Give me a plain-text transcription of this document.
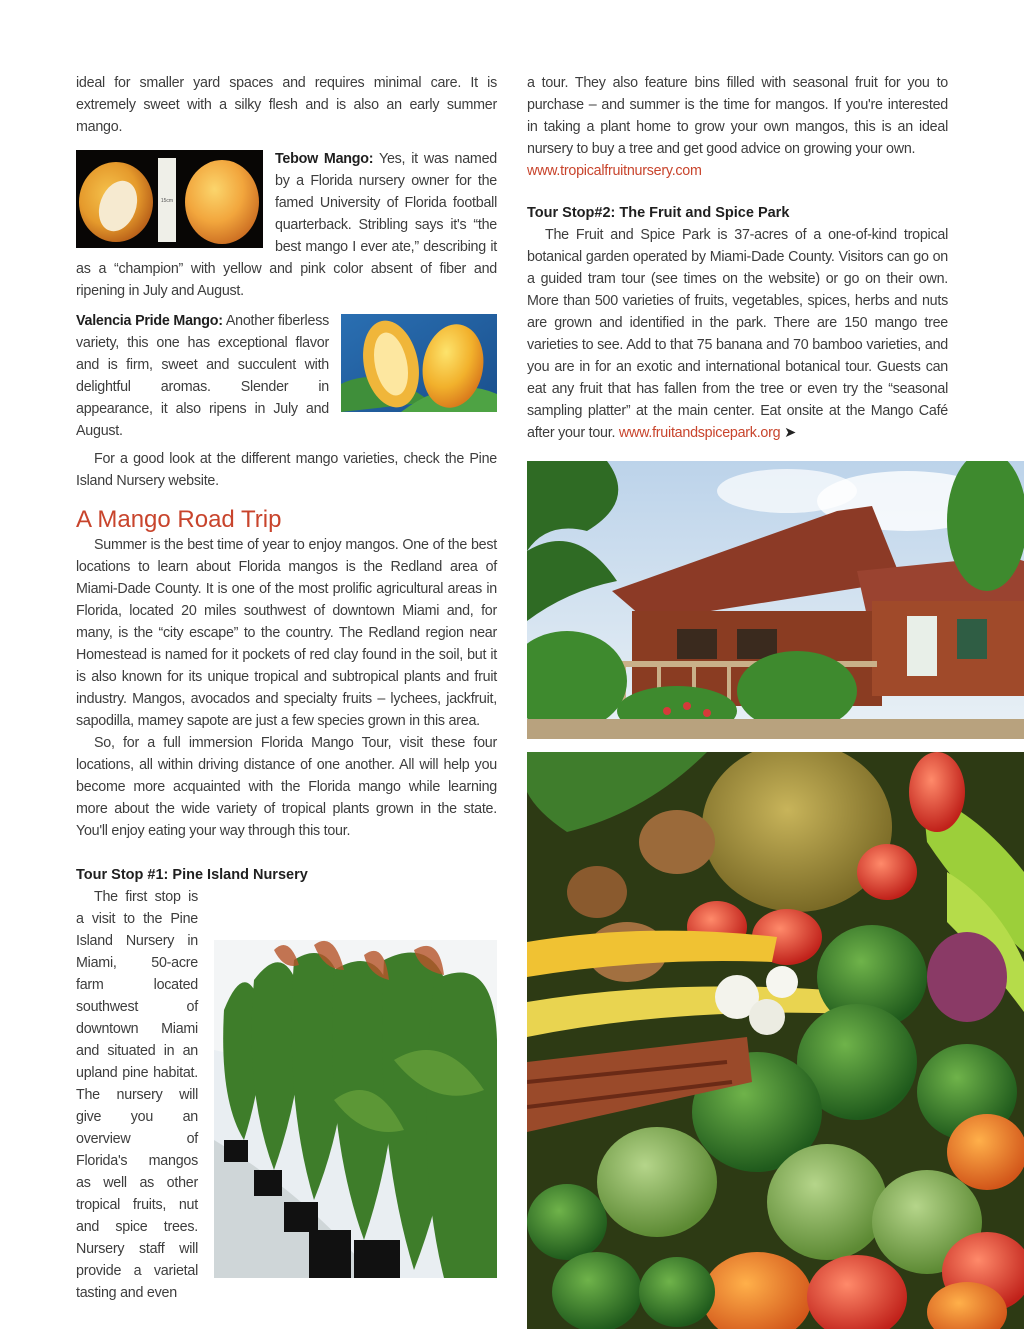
ideal for smaller yard spaces and requires minimal care. It is extremely sweet with a silky flesh and is also an early summer mango.

15cm

Tebow Mango: Yes, it was named by a Florida nursery owner for the famed University of Florida football quarterback. Stribling says it's “the best mango I ever ate,” describing it as a “champion” with yellow and pink color absent of fiber and ripening in July and August.

Valencia Pride Mango: Another fiberless variety, this one has exceptional flavor and is firm, sweet and succulent with delightful aromas. Slender in appearance, it also ripens in July and August.

For a good look at the different mango varieties, check the Pine Island Nursery website.

A Mango Road Trip

Summer is the best time of year to enjoy mangos. One of the best locations to learn about Florida mangos is the Redland area of Miami-Dade County. It is one of the most prolific agricultural areas in Florida, located 20 miles southwest of downtown Miami and, for many, is the “city escape” to the country. The Redland region near Homestead is named for it pockets of red clay found in the soil, but it is also known for its unique tropical and subtropical plants and fruit industry. Mangos, avocados and specialty fruits – lychees, jackfruit, sapodilla, mamey sapote are just a few species grown in this area.

So, for a full immersion Florida Mango Tour, visit these four locations, all within driving distance of one another. All will help you become more acquainted with the Florida mango while learning more about the wide variety of tropical plants grown in the state. You'll enjoy eating your way through this tour.

Tour Stop #1: Pine Island Nursery

The first stop is a visit to the Pine Island Nursery in Miami, 50-acre farm located southwest of downtown Miami and situated in an upland pine habitat. The nursery will give you an overview of Florida's mangos as well as other tropical fruits, nut and spice trees. Nursery staff will provide a varietal tasting and even

a tour. They also feature bins filled with seasonal fruit for you to purchase – and summer is the time for mangos. If you're interested in taking a plant home to grow your own mangos, this is an ideal nursery to buy a tree and get good advice on growing your own.

www.tropicalfruitnursery.com

Tour Stop#2: The Fruit and Spice Park

The Fruit and Spice Park is 37-acres of a one-of-kind tropical botanical garden operated by Miami-Dade County. Visitors can go on a guided tram tour (see times on the website) or go on their own. More than 500 varieties of fruits, vegetables, spices, herbs and nuts are grown and identified in the park. There are 150 mango tree varieties to see. Add to that 75 banana and 70 bamboo varieties, and you are in for an exotic and international botanical tour. Guests can eat any fruit that has fallen from the tree or even try the “seasonal sampling platter” at the main center. Eat onsite at the Mango Café after your tour. www.fruitandspicepark.org ➤
